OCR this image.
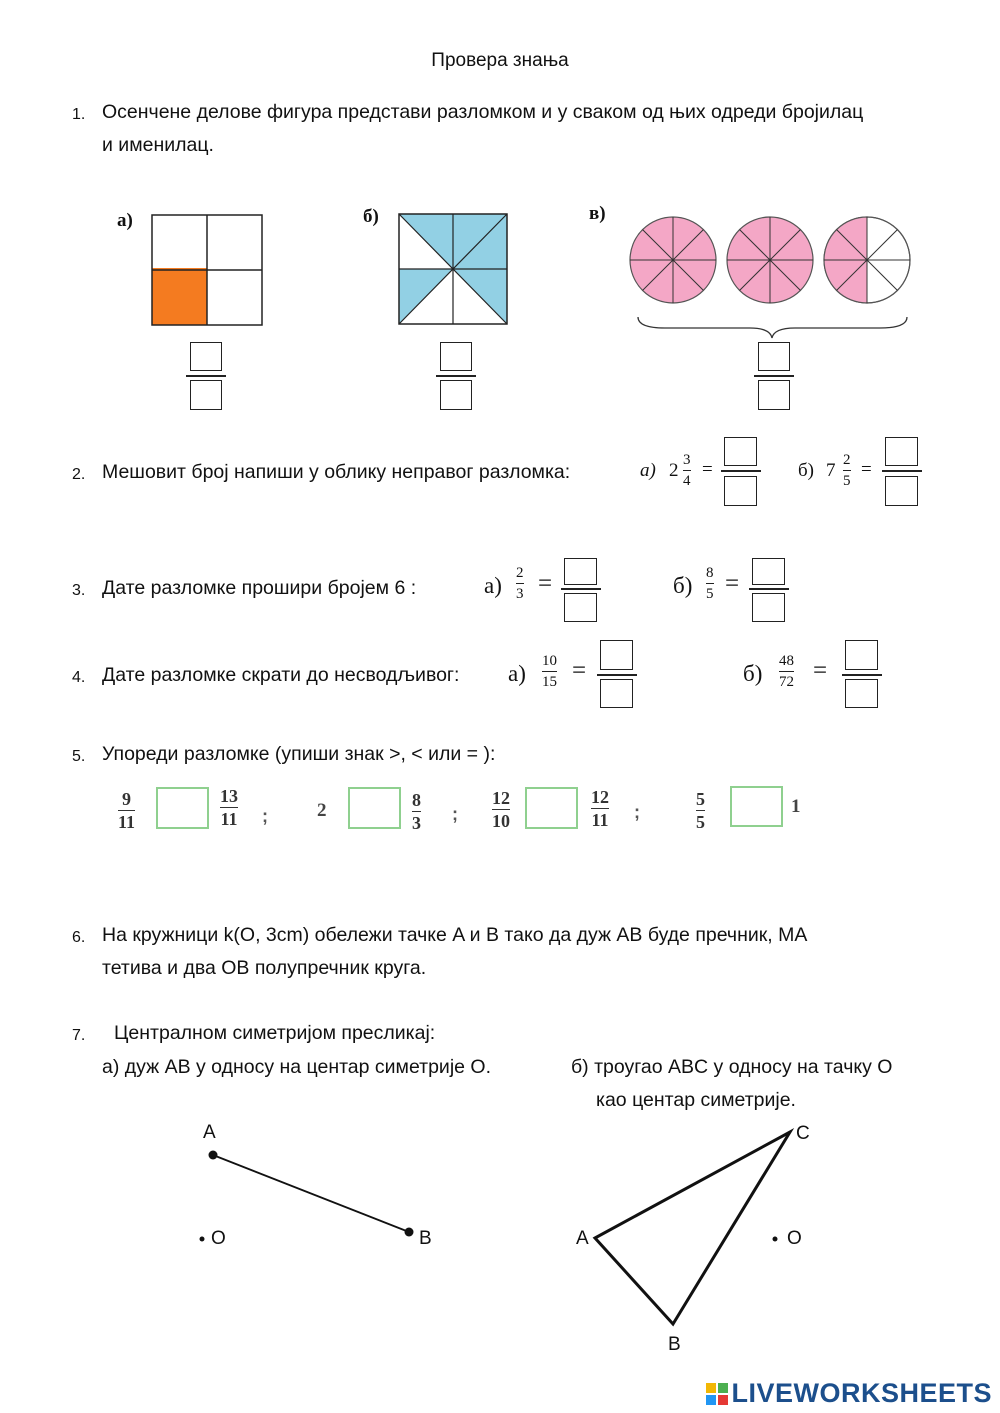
Провера знања
1. Осенчене делове фигура представи разломком и у сваком од њих одреди бројилац
и именилац.
а)	б)	в)
2. Мешовит број напиши у облику неправог разломка:	а) 2 3
4
=	б) 7 2
5
=
3. Дате разломке прошири бројем 6 :	а) 2
3 =	б) 8
5 =
4. Дате разломке скрати до несводљивог: а) 10
15 =	б) 48
72 =
5. Упореди разломке (упиши знак >, < или = ):
9
11
13
11 ;	2	8
3 ;
12
10
12
11 ;
5
5
1
6. На кружници k(O, 3cm) обележи тачке A и B тако да дуж AB буде пречник, MA
тетива и два OB полупречник круга.
7. Централном симетријом пресликај:
а) дуж AB у односу на центар симетрије O.	б) троугао ABC у односу на тачку O
као центар симетрије.
A
B
O	A
B
C
O
LIVEWORKSHEETS
